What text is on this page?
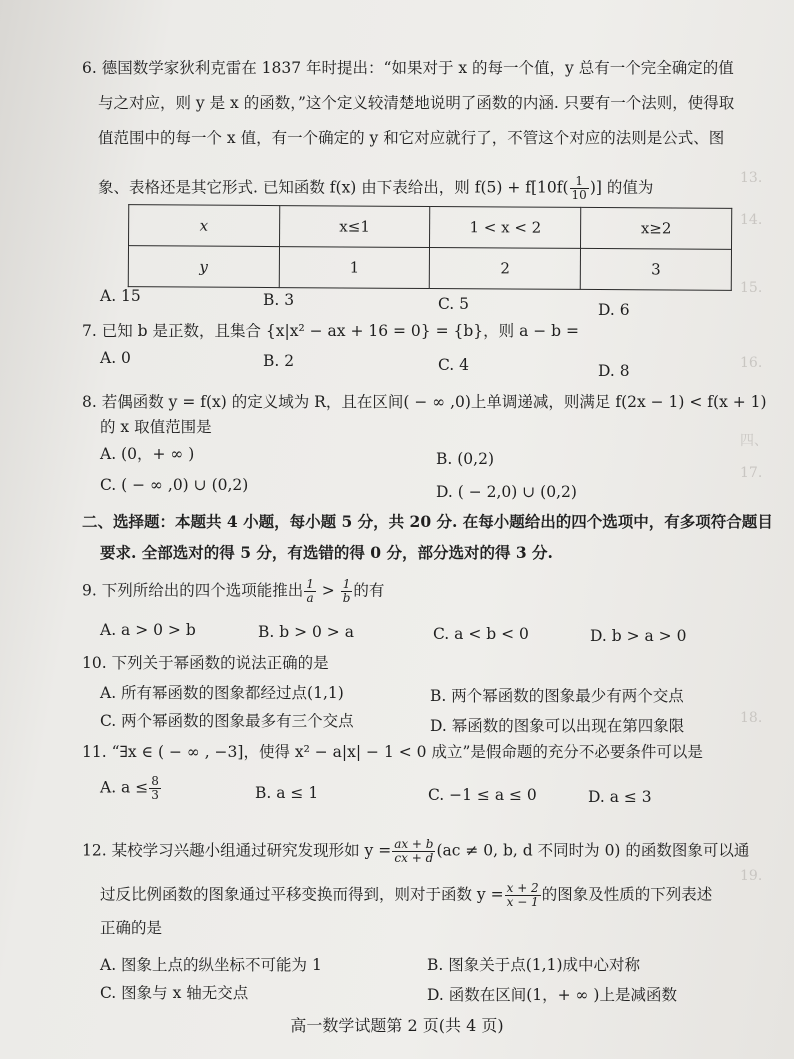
13.
14.
15.
16.
四、
17.
18.
19.
6. 德国数学家狄利克雷在 1837 年时提出：“如果对于 x 的每一个值，y 总有一个完全确定的值
与之对应，则 y 是 x 的函数，”这个定义较清楚地说明了函数的内涵. 只要有一个法则，使得取
值范围中的每一个 x 值，有一个确定的 y 和它对应就行了，不管这个对应的法则是公式、图
象、表格还是其它形式. 已知函数 f(x) 由下表给出，则 $f(5) + f[10f( \frac{1}{10}$ )] 的值为
x	x≤1	1 < x < 2	x≥2
y	1	2	3
A. 15	B. 3	C. 5	D. 6
7. 已知 b 是正数，且集合 {x|x² − ax + 16 = 0} = {b}，则 a − b =
A. 0	B. 2	C. 4	D. 8
8. 若偶函数 y = f(x) 的定义域为 R，且在区间( − ∞ ,0)上单调递减，则满足 f(2x − 1) < f(x + 1)
的 x 取值范围是
A. (0，+ ∞ )	B. (0,2)
C. ( − ∞ ,0) ∪ (0,2)	D. ( − 2,0) ∪ (0,2)
二、选择题：本题共 4 小题，每小题 5 分，共 20 分. 在每小题给出的四个选项中，有多项符合题目
要求. 全部选对的得 5 分，有选错的得 0 分，部分选对的得 3 分.
9. 下列所给出的四个选项能推出 $\frac{1}{a} > \frac{1}{b}$ 的有
A. a > 0 > b	B. b > 0 > a	C. a < b < 0	D. b > a > 0
10. 下列关于幂函数的说法正确的是
A. 所有幂函数的图象都经过点(1,1)	B. 两个幂函数的图象最少有两个交点
C. 两个幂函数的图象最多有三个交点	D. 幂函数的图象可以出现在第四象限
11. “∃x ∈ ( − ∞ , −3]，使得 x² − a|x| − 1 < 0 成立”是假命题的充分不必要条件可以是
A. $a \le \frac{8}{3}$	B. a ≤ 1	C. −1 ≤ a ≤ 0	D. a ≤ 3
12. 某校学习兴趣小组通过研究发现形如 $y = \frac{ax + b}{cx + d} (ac \ne 0$, b, d 不同时为 0) 的函数图象可以通
过反比例函数的图象通过平移变换而得到，则对于函数 $y = \frac{x + 2}{x - 1}$ 的图象及性质的下列表述
正确的是
A. 图象上点的纵坐标不可能为 1	B. 图象关于点(1,1)成中心对称
C. 图象与 x 轴无交点	D. 函数在区间(1，+ ∞ )上是减函数
高一数学试题第 2 页(共 4 页)
